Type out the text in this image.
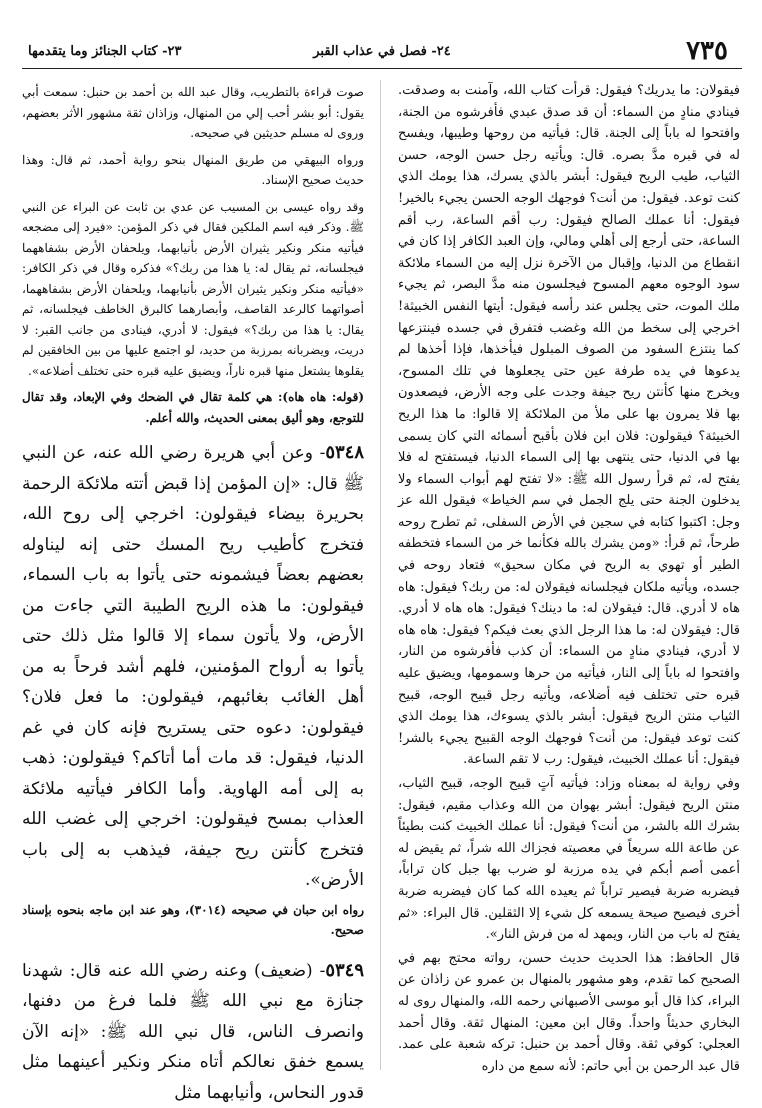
٧٣٥
٢٤- فصل في عذاب القبر
٢٣- كتاب الجنائز وما يتقدمها

فيقولان: ما يدريك؟ فيقول: قرأت كتاب الله، وآمنت به وصدقت. فينادي منادٍ من السماء: أن قد صدق عبدي فأفرشوه من الجنة، وافتحوا له باباً إلى الجنة. قال: فيأتيه من روحها وطيبها، ويفسح له في قبره مدَّ بصره. قال: ويأتيه رجل حسن الوجه، حسن الثياب، طيب الريح فيقول: أبشر بالذي يسرك، هذا يومك الذي كنت توعد. فيقول: من أنت؟ فوجهك الوجه الحسن يجيء بالخير! فيقول: أنا عملك الصالح فيقول: رب أقم الساعة، رب أقم الساعة، حتى أرجع إلى أهلي ومالي، وإن العبد الكافر إذا كان في انقطاع من الدنيا، وإقبال من الآخرة نزل إليه من السماء ملائكة سود الوجوه معهم المسوح فيجلسون منه مدَّ البصر، ثم يجيء ملك الموت، حتى يجلس عند رأسه فيقول: أيتها النفس الخبيثة! اخرجي إلى سخط من الله وغضب فتفرق في جسده فينتزعها كما ينتزع السفود من الصوف المبلول فيأخذها، فإذا أخذها لم يدعوها في يده طرفة عين حتى يجعلوها في تلك المسوح، ويخرج منها كأنتن ريح جيفة وجدت على وجه الأرض، فيصعدون بها فلا يمرون بها على ملأ من الملائكة إلا قالوا: ما هذا الريح الخبيثة؟ فيقولون: فلان ابن فلان بأقبح أسمائه التي كان يسمى بها في الدنيا، حتى ينتهى بها إلى السماء الدنيا، فيستفتح له فلا يفتح له، ثم قرأ رسول الله ﷺ: «لا تفتح لهم أبواب السماء ولا يدخلون الجنة حتى يلج الجمل في سم الخياط» فيقول الله عز وجل: اكتبوا كتابه في سجين في الأرض السفلى، ثم تطرح روحه طرحاً، ثم قرأ: «ومن يشرك بالله فكأنما خر من السماء فتخطفه الطير أو تهوي به الريح في مكان سحيق» فتعاد روحه في جسده، ويأتيه ملكان فيجلسانه فيقولان له: من ربك؟ فيقول: هاه هاه لا أدري. قال: فيقولان له: ما دينك؟ فيقول: هاه هاه لا أدري. قال: فيقولان له: ما هذا الرجل الذي بعث فيكم؟ فيقول: هاه هاه لا أدري، فينادي منادٍ من السماء: أن كذب فأفرشوه من النار، وافتحوا له باباً إلى النار، فيأتيه من حرها وسمومها، ويضيق عليه قبره حتى تختلف فيه أضلاعه، ويأتيه رجل قبيح الوجه، قبيح الثياب منتن الريح فيقول: أبشر بالذي يسوءك، هذا يومك الذي كنت توعد فيقول: من أنت؟ فوجهك الوجه القبيح يجيء بالشر! فيقول: أنا عملك الخبيث، فيقول: رب لا تقم الساعة.

وفي رواية له بمعناه وزاد: فيأتيه آتٍ قبيح الوجه، قبيح الثياب، منتن الريح فيقول: أبشر بهوان من الله وعذاب مقيم، فيقول: بشرك الله بالشر، من أنت؟ فيقول: أنا عملك الخبيث كنت بطيئاً عن طاعة الله سريعاً في معصيته فجزاك الله شراً، ثم يقيض له أعمى أصم أبكم في يده مرزبة لو ضرب بها جبل كان تراباً، فيضربه ضربة فيصير تراباً ثم يعيده الله كما كان فيضربه ضربة أخرى فيصيح صيحة يسمعه كل شيء إلا الثقلين. قال البراء: «ثم يفتح له باب من النار، ويمهد له من فرش النار».

قال الحافظ: هذا الحديث حديث حسن، رواته محتج بهم في الصحيح كما تقدم، وهو مشهور بالمنهال بن عمرو عن زاذان عن البراء، كذا قال أبو موسى الأصبهاني رحمه الله، والمنهال روى له البخاري حديثاً واحداً. وقال ابن معين: المنهال ثقة. وقال أحمد العجلي: كوفي ثقة. وقال أحمد بن حنبل: تركه شعبة على عمد. قال عبد الرحمن بن أبي حاتم: لأنه سمع من داره

صوت قراءة بالتطريب، وقال عبد الله بن أحمد بن حنبل: سمعت أبي يقول: أبو بشر أحب إلي من المنهال، وزاذان ثقة مشهور الأثر بعضهم، وروى له مسلم حديثين في صحيحه.

ورواه البيهقي من طريق المنهال بنحو رواية أحمد، ثم قال: وهذا حديث صحيح الإسناد.

وقد رواه عيسى بن المسيب عن عدي بن ثابت عن البراء عن النبي ﷺ. وذكر فيه اسم الملكين فقال في ذكر المؤمن: «فيرد إلى مضجعه فيأتيه منكر ونكير يثيران الأرض بأنيابهما، ويلحفان الأرض بشفاههما فيجلسانه، ثم يقال له: يا هذا من ربك؟» فذكره وقال في ذكر الكافر: «فيأتيه منكر ونكير يثيران الأرض بأنيابهما، ويلحفان الأرض بشفاههما، أصواتهما كالرعد القاصف، وأبصارهما كالبرق الخاطف فيجلسانه، ثم يقال: يا هذا من ربك؟» فيقول: لا أدري، فينادى من جانب القبر: لا دريت، ويضربانه بمرزبة من حديد، لو اجتمع عليها من بين الخافقين لم يقلوها يشتعل منها قبره ناراً، ويضيق عليه قبره حتى تختلف أضلاعه».

(قوله: هاه هاه): هي كلمة تقال في الضحك وفي الإبعاد، وقد تقال للتوجع، وهو أليق بمعنى الحديث، والله أعلم.

٥٣٤٨- وعن أبي هريرة رضي الله عنه، عن النبي ﷺ قال: «إن المؤمن إذا قبض أتته ملائكة الرحمة بحريرة بيضاء فيقولون: اخرجي إلى روح الله، فتخرج كأطيب ريح المسك حتى إنه ليناوله بعضهم بعضاً فيشمونه حتى يأتوا به باب السماء، فيقولون: ما هذه الريح الطيبة التي جاءت من الأرض، ولا يأتون سماء إلا قالوا مثل ذلك حتى يأتوا به أرواح المؤمنين، فلهم أشد فرحاً به من أهل الغائب بغائبهم، فيقولون: ما فعل فلان؟ فيقولون: دعوه حتى يستريح فإنه كان في غم الدنيا، فيقول: قد مات أما أتاكم؟ فيقولون: ذهب به إلى أمه الهاوية. وأما الكافر فيأتيه ملائكة العذاب بمسح فيقولون: اخرجي إلى غضب الله فتخرج كأنتن ريح جيفة، فيذهب به إلى باب الأرض».

رواه ابن حبان في صحيحه (٣٠١٤)، وهو عند ابن ماجه بنحوه بإسناد صحيح.

٥٣٤٩- (ضعيف) وعنه رضي الله عنه قال: شهدنا جنازة مع نبي الله ﷺ فلما فرغ من دفنها، وانصرف الناس، قال نبي الله ﷺ: «إنه الآن يسمع خفق نعالكم أتاه منكر ونكير أعينهما مثل قدور النحاس، وأنيابهما مثل
